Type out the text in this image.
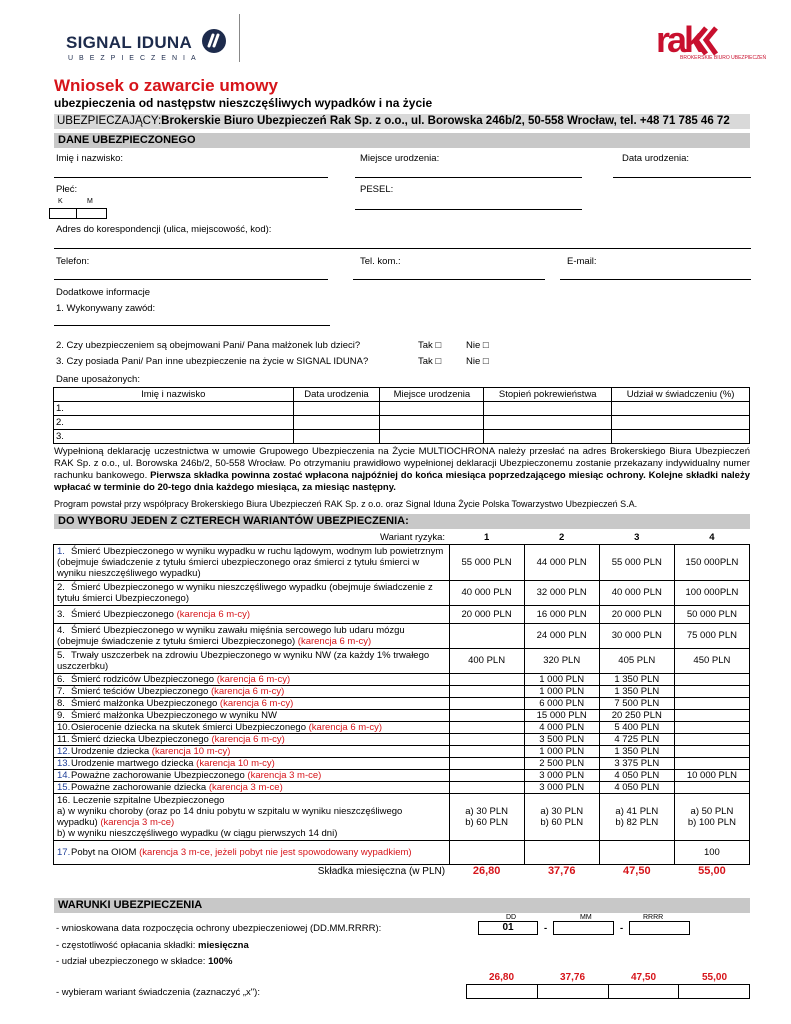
SIGNAL IDUNA
UBEZPIECZENIA	rak
BROKERSKIE BIURO UBEZPIECZEŃ
Wniosek o zawarcie umowy
ubezpieczenia od następstw nieszczęśliwych wypadków i na życie
UBEZPIECZAJĄCY:Brokerskie Biuro Ubezpieczeń Rak Sp. z o.o., ul. Borowska 246b/2, 50-558 Wrocław, tel. +48 71 785 46 72
DANE UBEZPIECZONEGO
Imię i nazwisko:	Miejsce urodzenia:	Data urodzenia:
Płeć:
K	M
PESEL:
Adres do korespondencji (ulica, miejscowość, kod):
Telefon:	Tel. kom.:	E-mail:
Dodatkowe informacje
1. Wykonywany zawód:
2. Czy ubezpieczeniem są obejmowani Pani/ Pana małżonek lub dzieci?	Tak □	Nie □
3. Czy posiada Pani/ Pan inne ubezpieczenie na życie w SIGNAL IDUNA?	Tak □	Nie □
Dane uposażonych:
Imię i nazwisko	Data urodzenia	Miejsce urodzenia	Stopień pokrewieństwa	Udział w świadczeniu (%)
1.				
2.				
3.				
Wypełnioną deklarację uczestnictwa w umowie Grupowego Ubezpieczenia na Życie MULTIOCHRONA należy przesłać na adres Brokerskiego Biura Ubezpieczeń RAK Sp. z o.o., ul. Borowska 246b/2, 50-558 Wrocław. Po otrzymaniu prawidłowo wypełnionej deklaracji Ubezpieczonemu zostanie przekazany indywidualny numer rachunku bankowego. Pierwsza składka powinna zostać wpłacona najpóźniej do końca miesiąca poprzedzającego miesiąc ochrony. Kolejne składki należy wpłacać w terminie do 20-tego dnia każdego miesiąca, za miesiąc następny.
Program powstał przy współpracy Brokerskiego Biura Ubezpieczeń RAK Sp. z o.o. oraz Signal Iduna Życie Polska Towarzystwo Ubezpieczeń S.A.
DO WYBORU JEDEN Z CZTERECH WARIANTÓW UBEZPIECZENIA:
Wariant ryzyka:	1	2	3	4
1. Śmierć Ubezpieczonego w wyniku wypadku w ruchu lądowym, wodnym lub powietrznym (obejmuje świadczenie z tytułu śmierci ubezpieczonego oraz śmierci z tytułu śmierci w wyniku nieszczęśliwego wypadku)	55 000 PLN	44 000 PLN	55 000 PLN	150 000PLN
2. Śmierć Ubezpieczonego w wyniku nieszczęśliwego wypadku (obejmuje świadczenie z tytułu śmierci Ubezpieczonego)	40 000 PLN	32 000 PLN	40 000 PLN	100 000PLN
3. Śmierć Ubezpieczonego (karencja 6 m-cy)	20 000 PLN	16 000 PLN	20 000 PLN	50 000 PLN
4. Śmierć Ubezpieczonego w wyniku zawału mięśnia sercowego lub udaru mózgu (obejmuje świadczenie z tytułu śmierci Ubezpieczonego) (karencja 6 m-cy)		24 000 PLN	30 000 PLN	75 000 PLN
5. Trwały uszczerbek na zdrowiu Ubezpieczonego w wyniku NW (za każdy 1% trwałego uszczerbku)	400 PLN	320 PLN	405 PLN	450 PLN
6. Śmierć rodziców Ubezpieczonego (karencja 6 m-cy)		1 000 PLN	1 350 PLN	
7. Śmierć teściów Ubezpieczonego (karencja 6 m-cy)		1 000 PLN	1 350 PLN	
8. Śmierć małżonka Ubezpieczonego (karencja 6 m-cy)		6 000 PLN	7 500 PLN	
9. Śmierć małżonka Ubezpieczonego w wyniku NW		15 000 PLN	20 250 PLN	
10.Osierocenie dziecka na skutek śmierci Ubezpieczonego (karencja 6 m-cy)		4 000 PLN	5 400 PLN	
11.Śmierć dziecka Ubezpieczonego (karencja 6 m-cy)		3 500 PLN	4 725 PLN	
12.Urodzenie dziecka (karencja 10 m-cy)		1 000 PLN	1 350 PLN	
13.Urodzenie martwego dziecka (karencja 10 m-cy)		2 500 PLN	3 375 PLN	
14.Poważne zachorowanie Ubezpieczonego (karencja 3 m-ce)		3 000 PLN	4 050 PLN	10 000 PLN
15.Poważne zachorowanie dziecka (karencja 3 m-ce)		3 000 PLN	4 050 PLN	

16. Leczenie szpitalne Ubezpieczonego
a) w wyniku choroby (oraz po 14 dniu pobytu w szpitalu w wyniku nieszczęśliwego wypadku) (karencja 3 m-ce)
b) w wyniku nieszczęśliwego wypadku (w ciągu pierwszych 14 dni)	a) 30 PLN
b) 60 PLN	a) 30 PLN
b) 60 PLN	a) 41 PLN
b) 82 PLN	a) 50 PLN
b) 100 PLN

17.Pobyt na OIOM (karencja 3 m-ce, jeżeli pobyt nie jest spowodowany wypadkiem)				100
Składka miesięczna (w PLN)	26,80	37,76	47,50	55,00
WARUNKI UBEZPIECZENIA
DD	MM	RRRR
- wnioskowana data rozpoczęcia ochrony ubezpieczeniowej (DD.MM.RRRR):	01	-	-
- częstotliwość opłacania składki: miesięczna
- udział ubezpieczonego w składce: 100%
26,80	37,76	47,50	55,00
- wybieram wariant świadczenia (zaznaczyć „x"):
